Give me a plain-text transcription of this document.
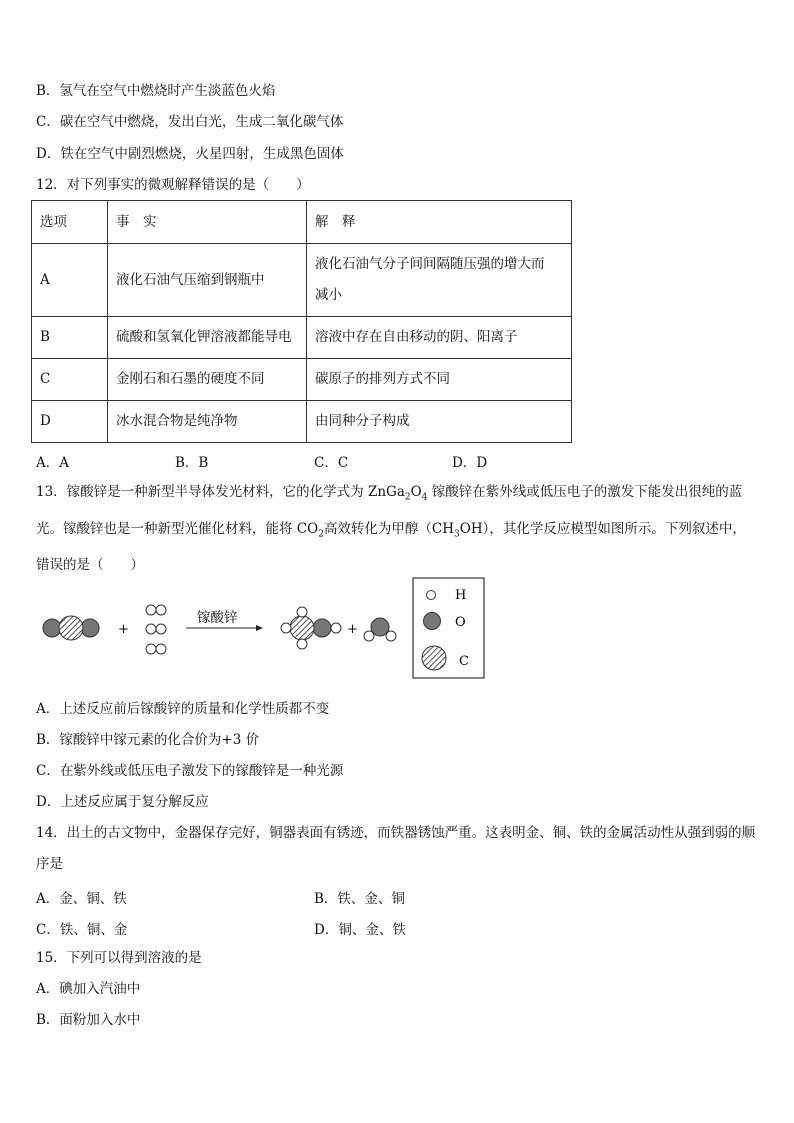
B．氢气在空气中燃烧时产生淡蓝色火焰
C．碳在空气中燃烧，发出白光，生成二氧化碳气体
D．铁在空气中剧烈燃烧，火星四射，生成黑色固体
12．对下列事实的微观解释错误的是（　　）
选项	事　实	解　释
A	液化石油气压缩到钢瓶中	液化石油气分子间间隔随压强的增大而
减小

B	硫酸和氢氧化钾溶液都能导电	溶液中存在自由移动的阴、阳离子
C	金刚石和石墨的硬度不同	碳原子的排列方式不同
D	冰水混合物是纯净物	由同种分子构成
A．A	B．B	C．C	D．D
13．镓酸锌是一种新型半导体发光材料，它的化学式为 $ZnGa_2O_4$ 镓酸锌在紫外线或低压电子的激发下能发出很纯的蓝光。镓酸锌也是一种新型光催化材料，能将 $CO_2$高效转化为甲醇$(CH_3OH)$，其化学反应模型如图所示。下列叙述中，错误的是（　　）
+
镓酸锌
+
H
O
C
A．上述反应前后镓酸锌的质量和化学性质都不变
B．镓酸锌中镓元素的化合价为+3 价
C．在紫外线或低压电子激发下的镓酸锌是一种光源
D．上述反应属于复分解反应
14．出土的古文物中，金器保存完好，铜器表面有锈迹，而铁器锈蚀严重。这表明金、铜、铁的金属活动性从强到弱的顺序是
A．金、铜、铁	B．铁、金、铜
C．铁、铜、金	D．铜、金、铁
15．下列可以得到溶液的是
A．碘加入汽油中
B．面粉加入水中
